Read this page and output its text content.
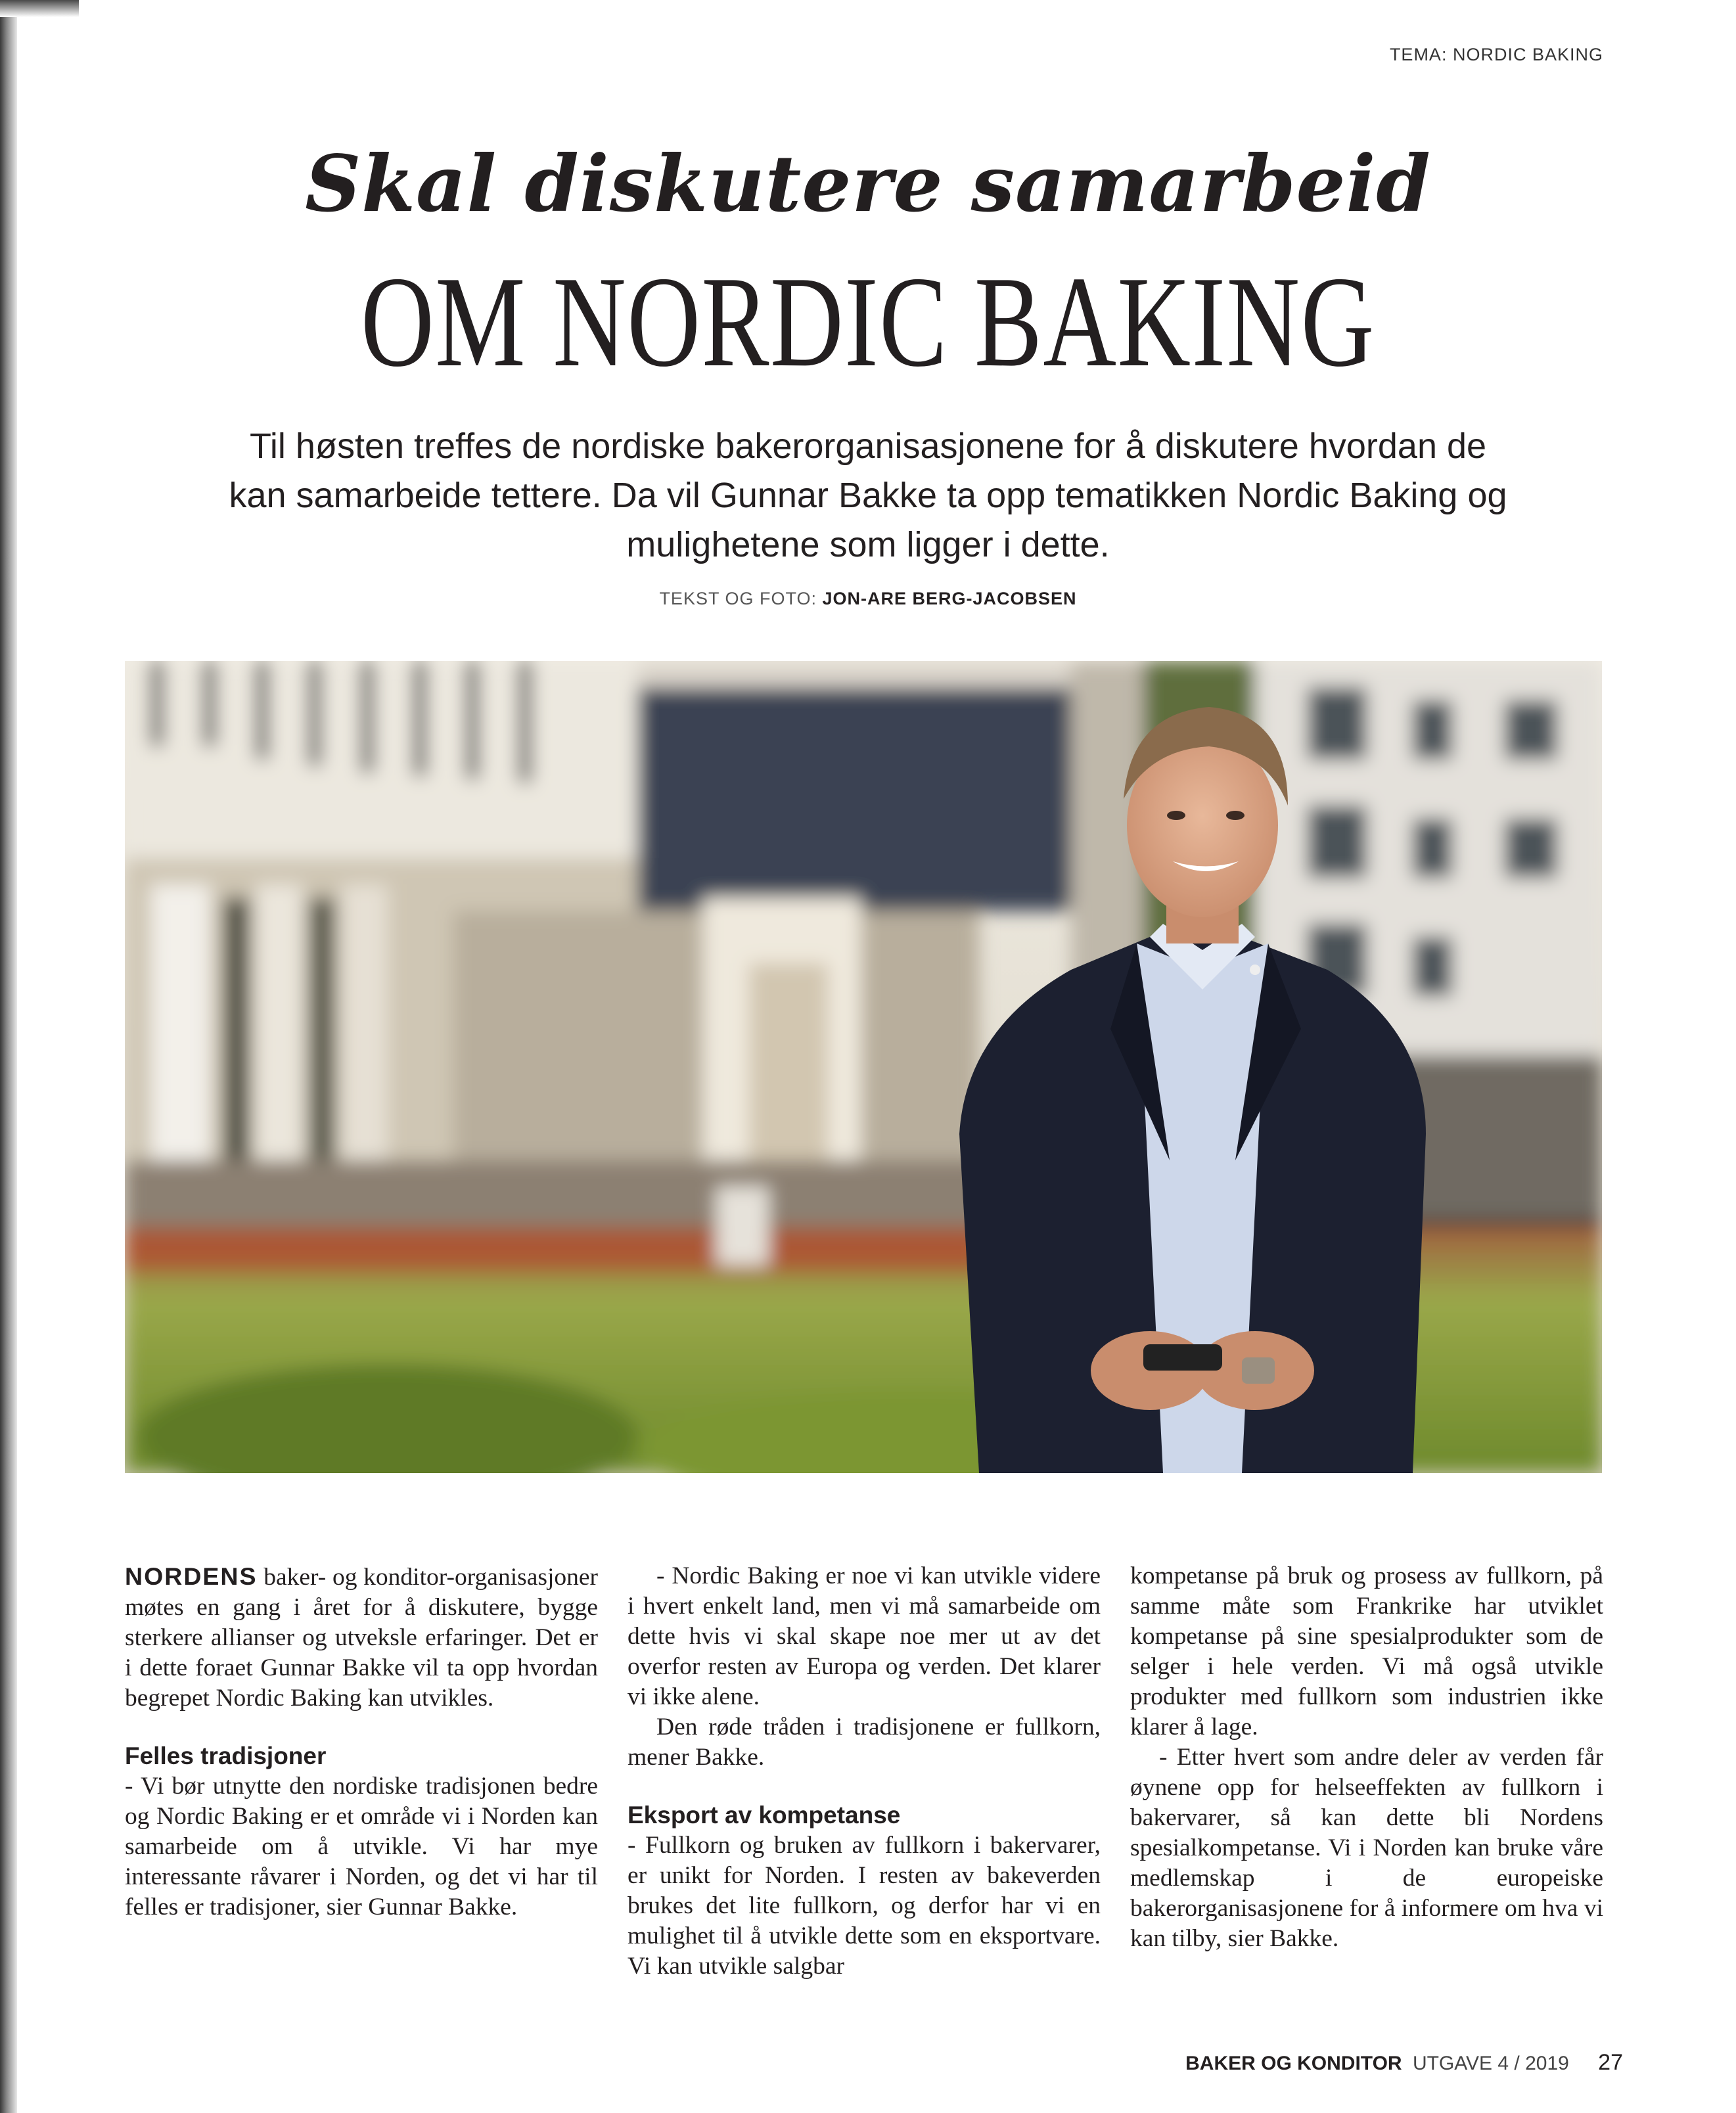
TEMA: NORDIC BAKING
Skal diskutere samarbeid
OM NORDIC BAKING
Til høsten treffes de nordiske bakerorganisasjonene for å diskutere hvordan de kan samarbeide tettere. Da vil Gunnar Bakke ta opp tematikken Nordic Baking og mulighetene som ligger i dette.
TEKST OG FOTO: JON-ARE BERG-JACOBSEN

NORDENS baker- og konditor-organisasjoner møtes en gang i året for å diskutere, bygge sterkere allianser og utveksle erfaringer. Det er i dette foraet Gunnar Bakke vil ta opp hvordan begrepet Nordic Baking kan utvikles.

Felles tradisjoner

- Vi bør utnytte den nordiske tradisjonen bedre og Nordic Baking er et område vi i Norden kan samarbeide om å utvikle. Vi har mye interessante råvarer i Norden, og det vi har til felles er tradisjoner, sier Gunnar Bakke.

- Nordic Baking er noe vi kan utvikle videre i hvert enkelt land, men vi må samarbeide om dette hvis vi skal skape noe mer ut av det overfor resten av Europa og verden. Det klarer vi ikke alene.

Den røde tråden i tradisjonene er fullkorn, mener Bakke.

Eksport av kompetanse

- Fullkorn og bruken av fullkorn i bakervarer, er unikt for Norden. I resten av bakeverden brukes det lite fullkorn, og derfor har vi en mulighet til å utvikle dette som en eksportvare. Vi kan utvikle salgbar

kompetanse på bruk og prosess av fullkorn, på samme måte som Frankrike har utviklet kompetanse på sine spesialprodukter som de selger i hele verden. Vi må også utvikle produkter med fullkorn som industrien ikke klarer å lage.

- Etter hvert som andre deler av verden får øynene opp for helseeffekten av fullkorn i bakervarer, så kan dette bli Nordens spesialkompetanse. Vi i Norden kan bruke våre medlemskap i de europeiske bakerorganisasjonene for å informere om hva vi kan tilby, sier Bakke.

BAKER OG KONDITOR UTGAVE 4 / 2019 27
